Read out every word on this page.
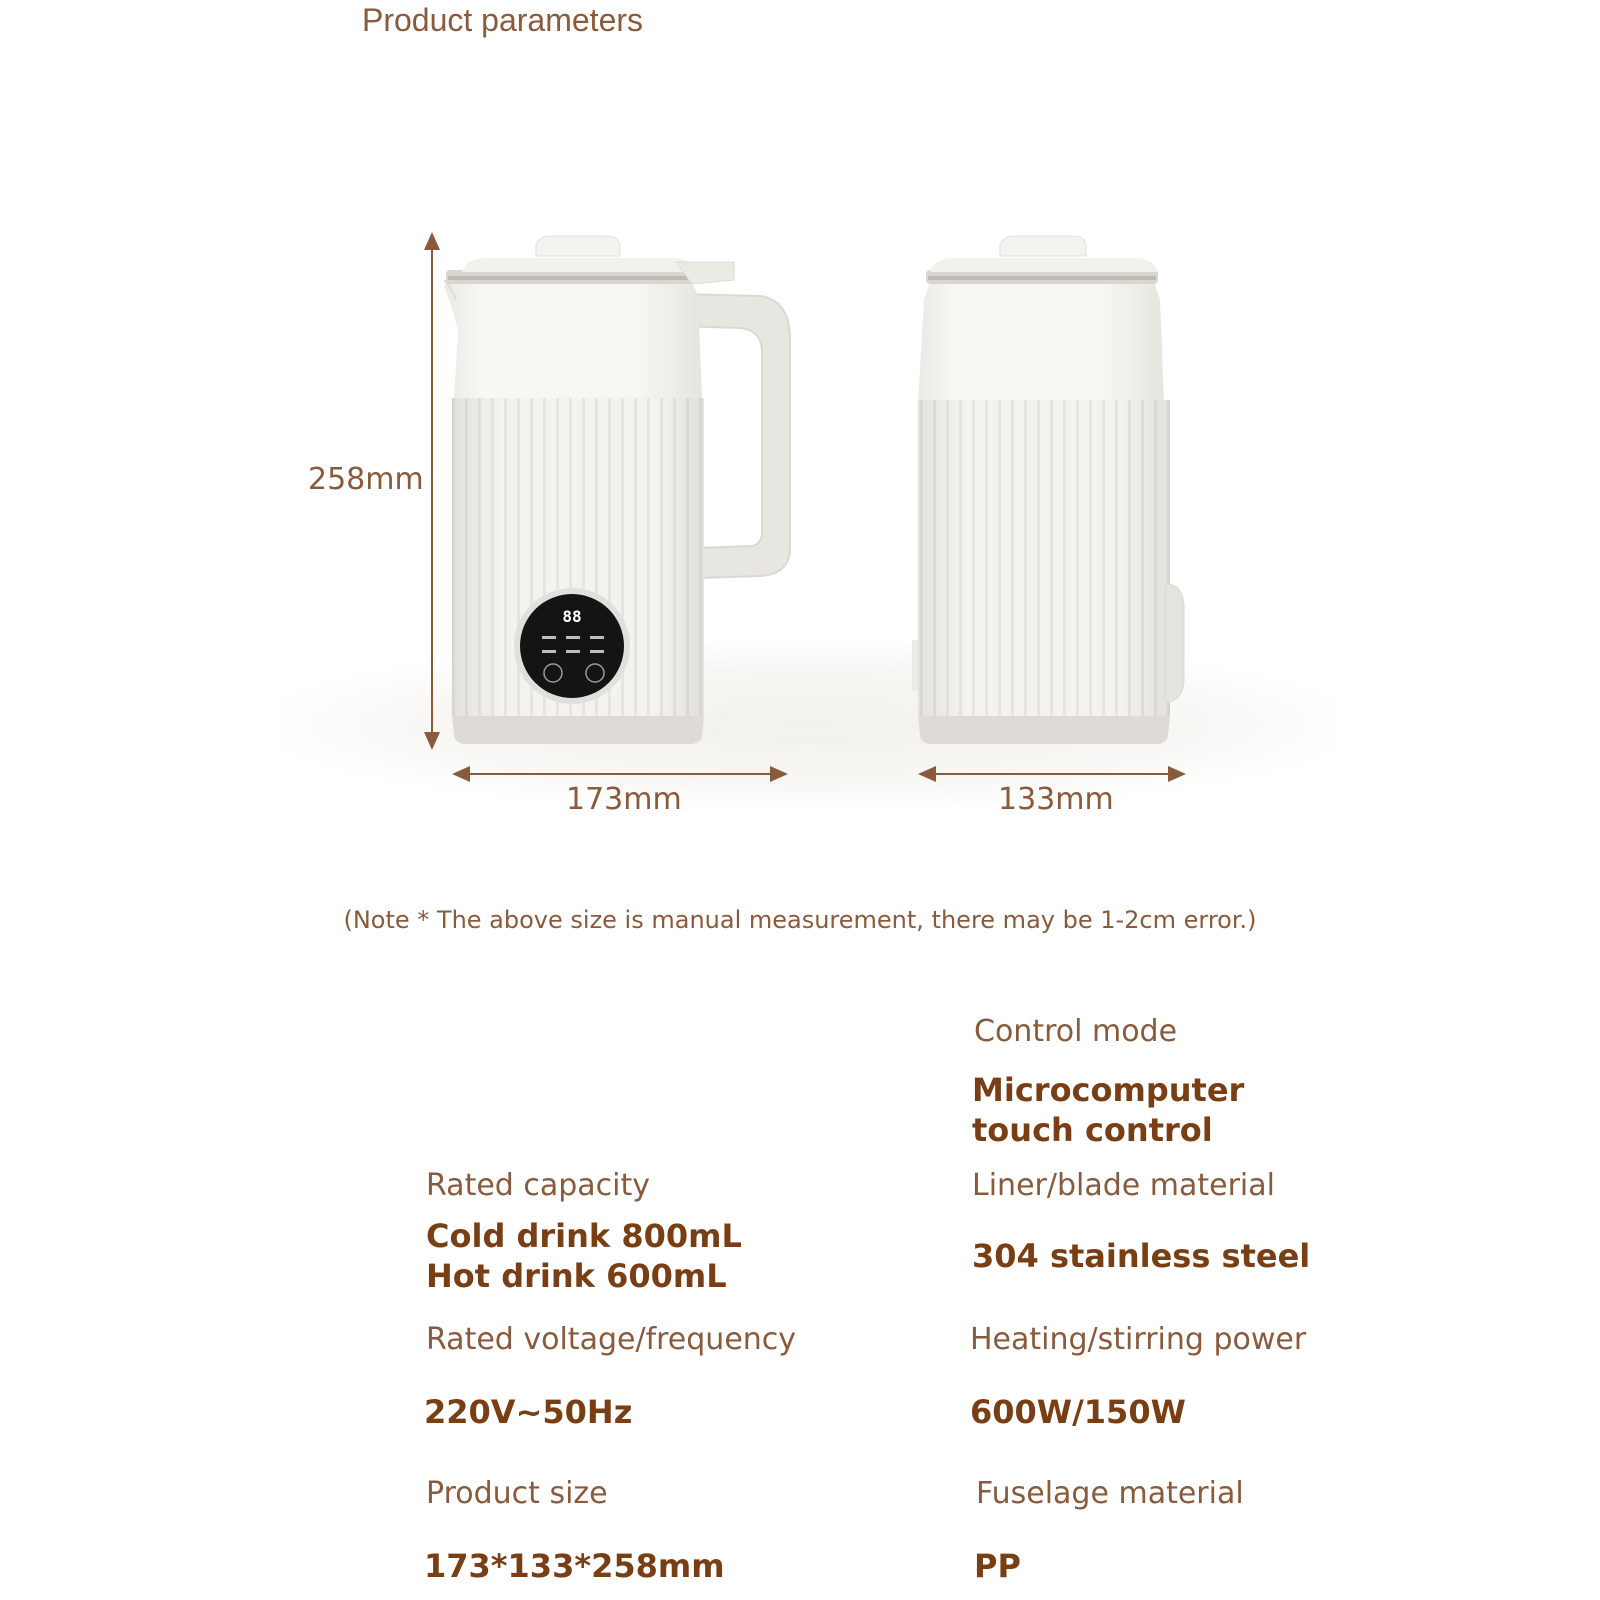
Product parameters
88
258mm
173mm	133mm
(Note * The above size is manual measurement, there may be 1-2cm error.)
Control mode
Microcomputer touch control
Liner/blade material
304 stainless steel
Heating/stirring power
600W/150W
Fuselage material
PP
Rated capacity
Cold drink 800mL Hot drink 600mL
Rated voltage/frequency
220V~50Hz
Product size
173*133*258mm
